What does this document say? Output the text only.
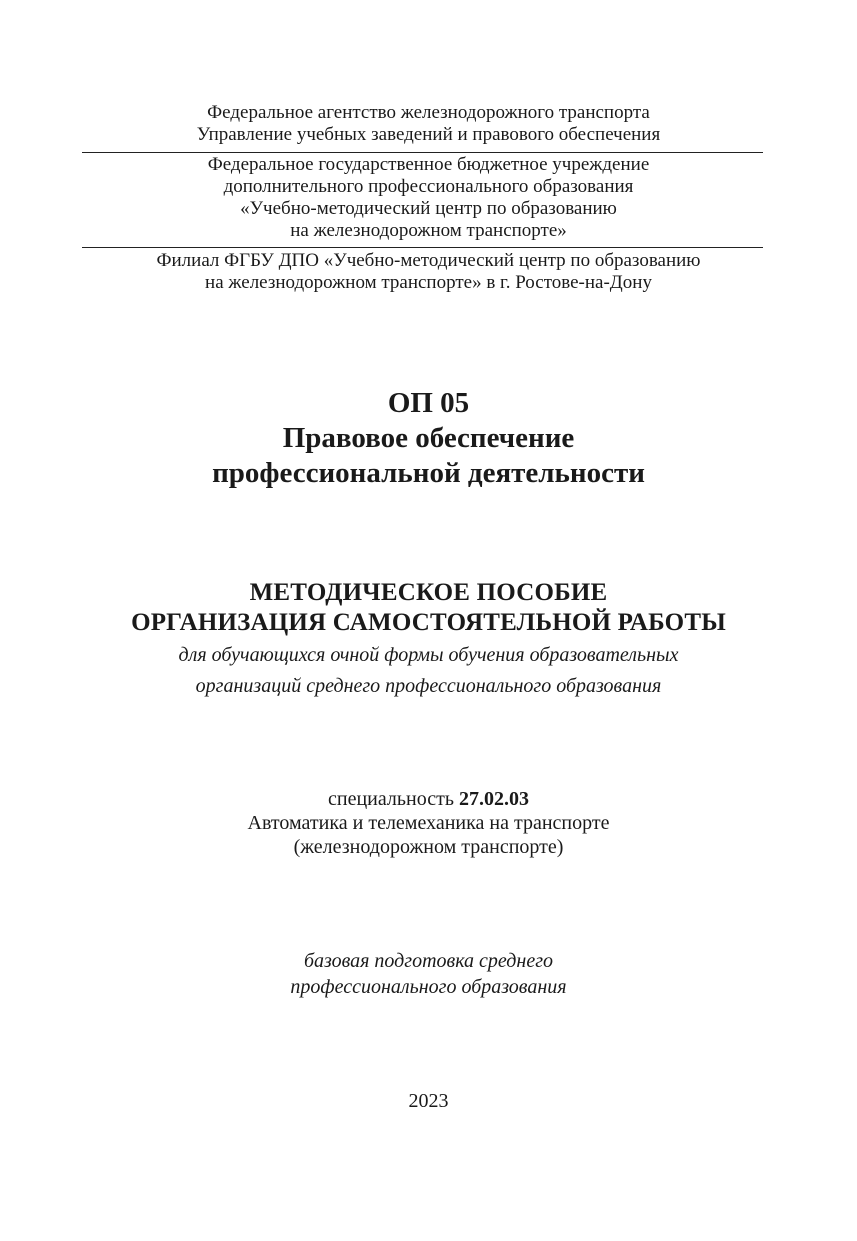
Федеральное агентство железнодорожного транспорта
Управление учебных заведений и правового обеспечения
Федеральное государственное бюджетное учреждение
дополнительного профессионального образования
«Учебно-методический центр по образованию
на железнодорожном транспорте»
Филиал ФГБУ ДПО «Учебно-методический центр по образованию
на железнодорожном транспорте» в г. Ростове-на-Дону
ОП 05
Правовое обеспечение
профессиональной деятельности
МЕТОДИЧЕСКОЕ ПОСОБИЕ
ОРГАНИЗАЦИЯ САМОСТОЯТЕЛЬНОЙ РАБОТЫ
для обучающихся очной формы обучения образовательных
организаций среднего профессионального образования
специальность 27.02.03
Автоматика и телемеханика на транспорте
(железнодорожном транспорте)
базовая подготовка среднего
профессионального образования
2023
